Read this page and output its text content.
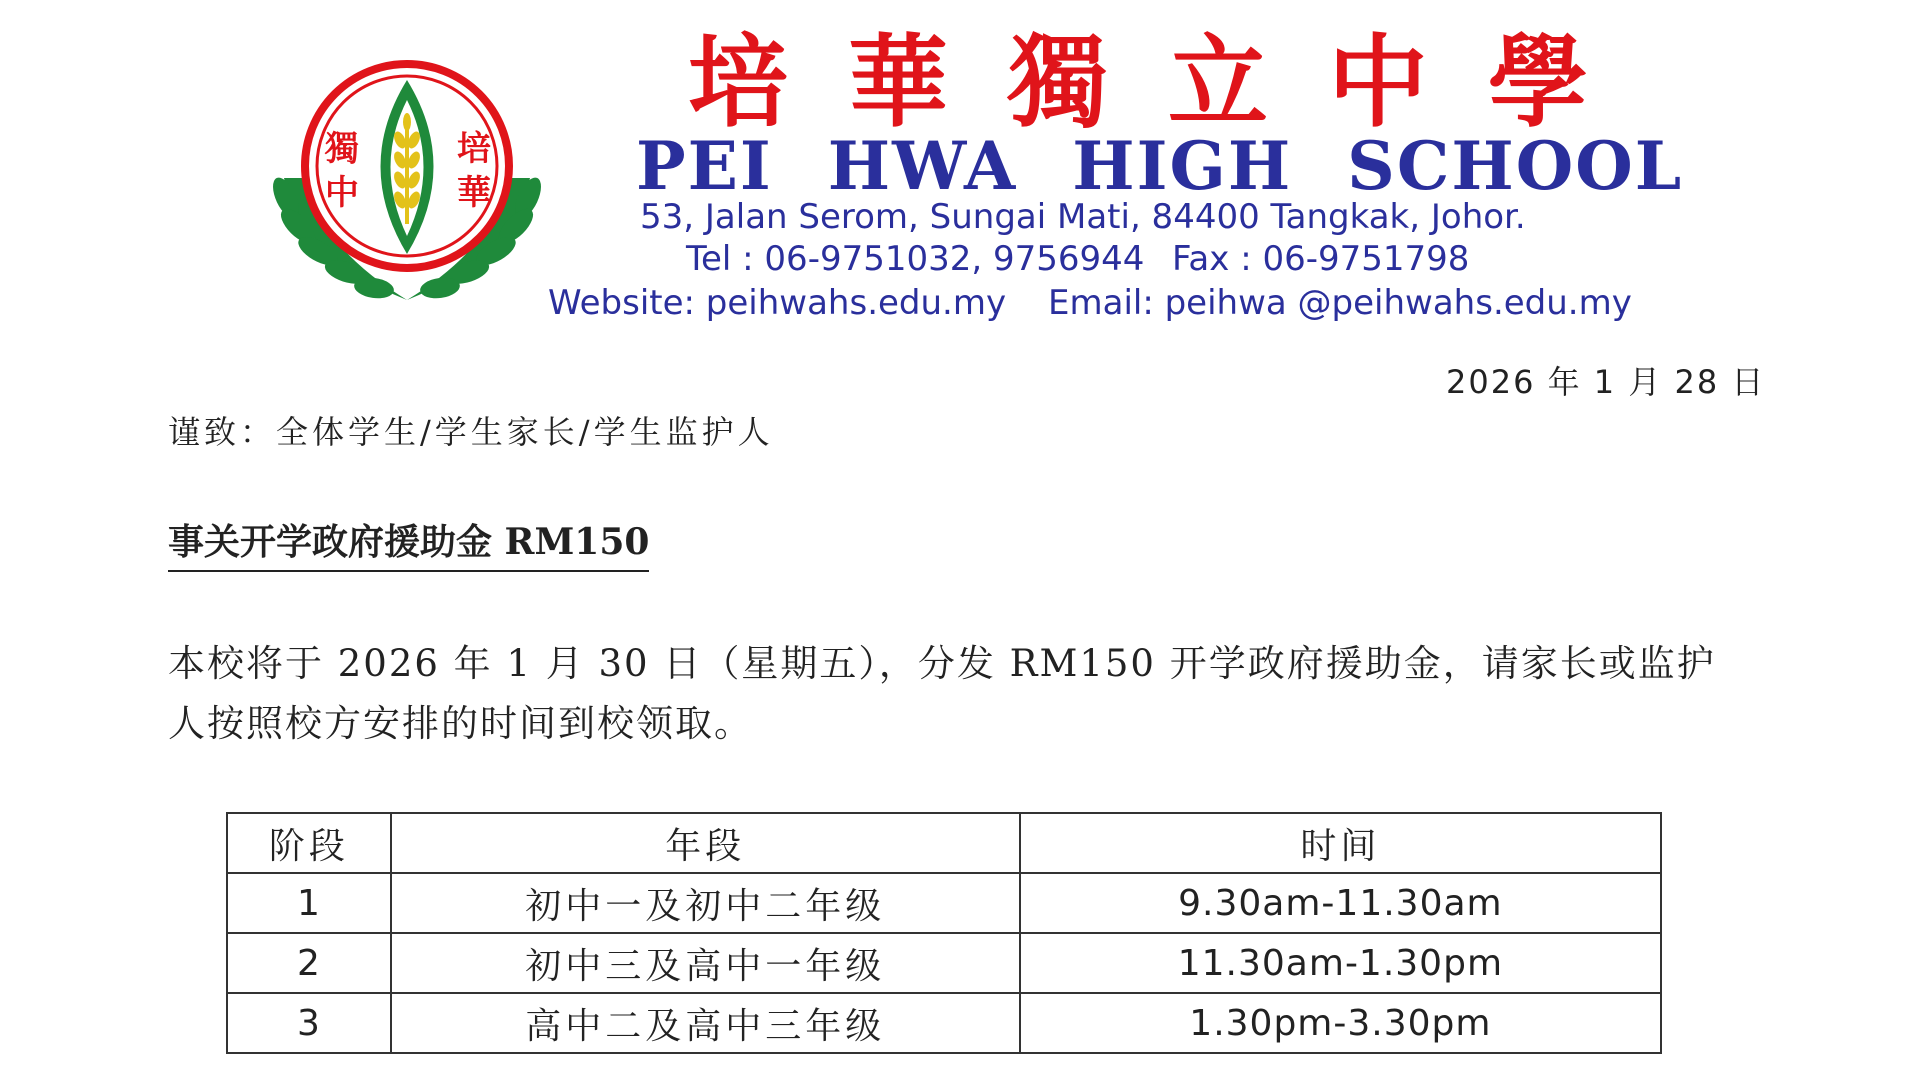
獨
中
培
華
培華獨立中學
PEI HWA HIGH SCHOOL
53, Jalan Serom, Sungai Mati, 84400 Tangkak, Johor.
Tel : 06-9751032, 9756944 Fax : 06-9751798
Website: peihwahs.edu.my Email: peihwa @peihwahs.edu.my
2026 年 1 月 28 日
谨致：全体学生/学生家长/学生监护人
事关开学政府援助金 RM150

本校将于 2026 年 1 月 30 日（星期五），分发 RM150 开学政府援助金，请家长或监护人按照校方安排的时间到校领取。

阶段	年段	时间
1	初中一及初中二年级	9.30am-11.30am
2	初中三及高中一年级	11.30am-1.30pm
3	高中二及高中三年级	1.30pm-3.30pm
